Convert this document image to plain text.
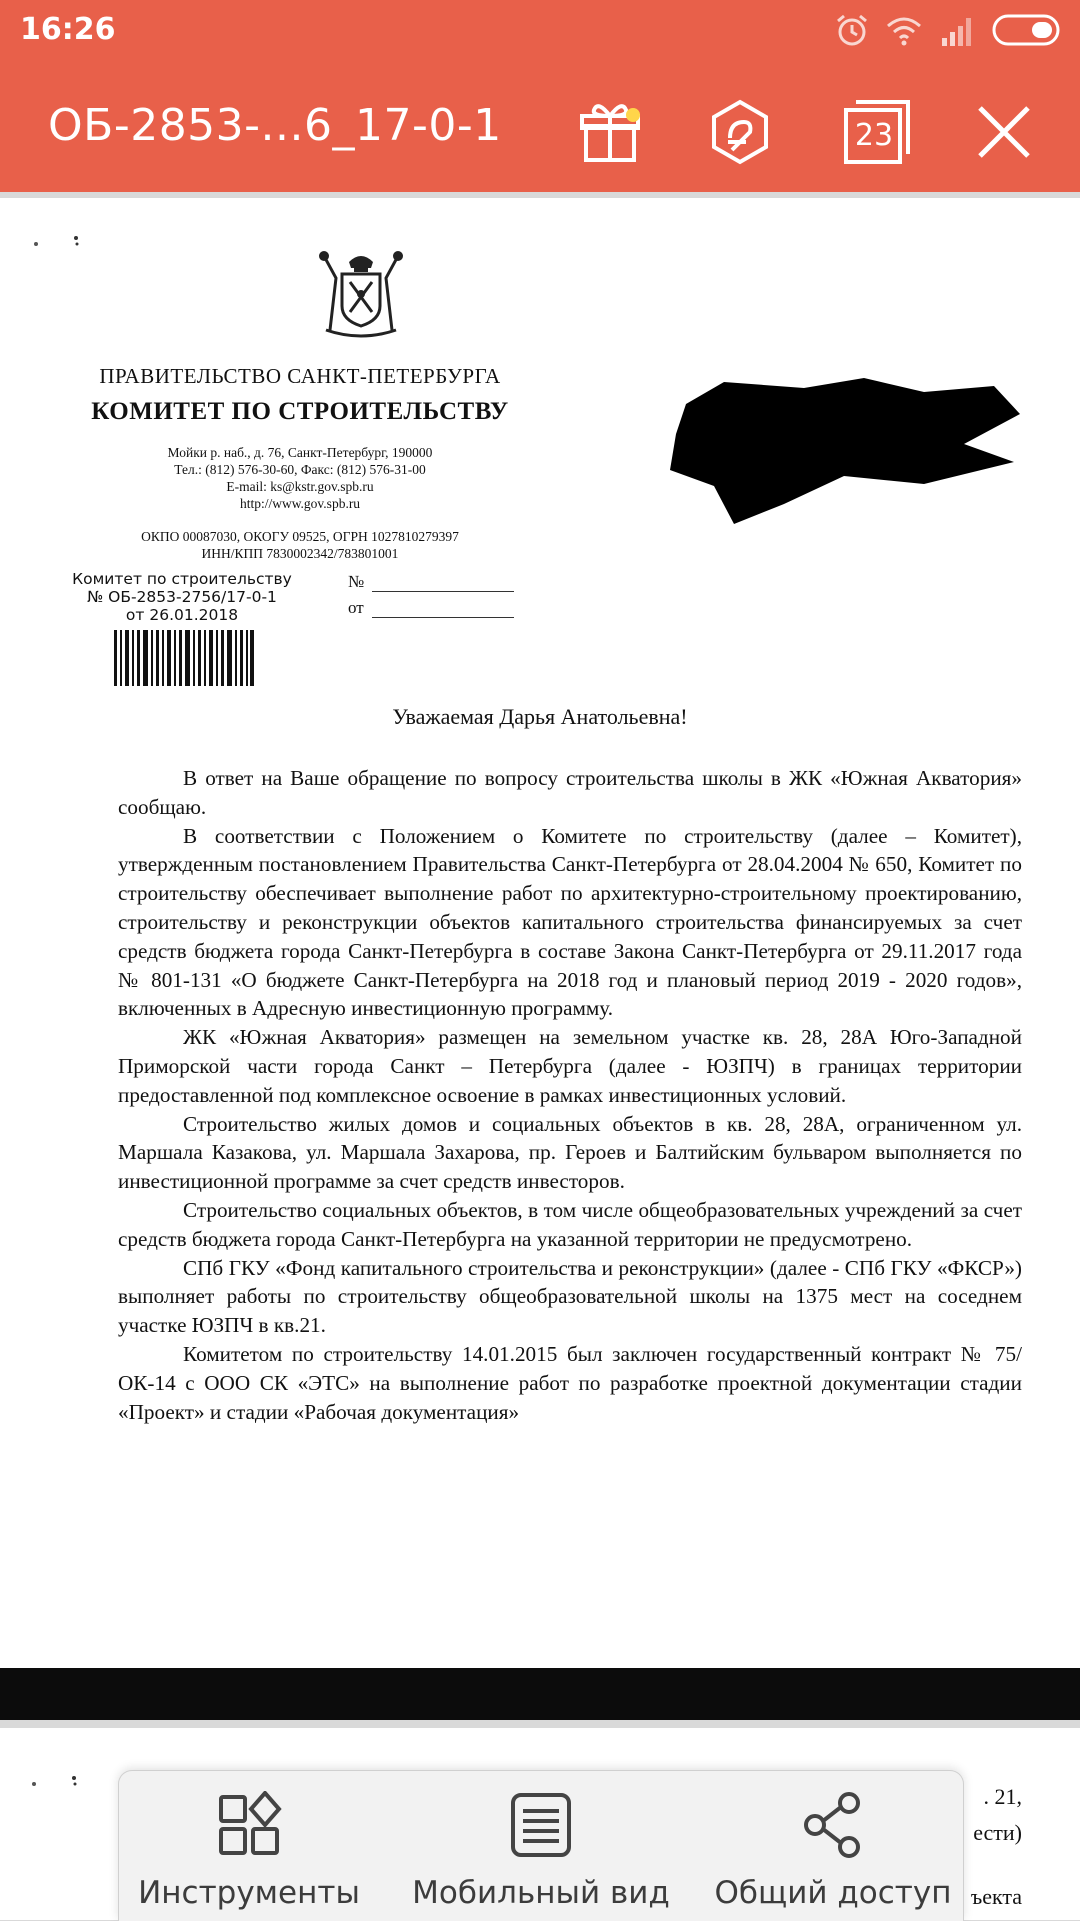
16:26
ОБ-2853-...6_17-0-1	23
ПРАВИТЕЛЬСТВО САНКТ-ПЕТЕРБУРГА
КОМИТЕТ ПО СТРОИТЕЛЬСТВУ
Мойки р. наб., д. 76, Санкт-Петербург, 190000
Тел.: (812) 576-30-60, Факс: (812) 576-31-00
E-mail: ks@kstr.gov.spb.ru
http://www.gov.spb.ru
ОКПО 00087030, ОКОГУ 09525, ОГРН 1027810279397
ИНН/КПП 7830002342/783801001
Комитет по строительству
№ ОБ-2853-2756/17-0-1
от 26.01.2018
№
от
Уважаемая Дарья Анатольевна!

В ответ на Ваше обращение по вопросу строительства школы в ЖК «Южная Акватория» сообщаю.

В соответствии с Положением о Комитете по строительству (далее – Комитет), утвержденным постановлением Правительства Санкт-Петербурга от 28.04.2004 № 650, Комитет по строительству обеспечивает выполнение работ по архитектурно-строительному проектированию, строительству и реконструкции объектов капитального строительства финансируемых за счет средств бюджета города Санкт-Петербурга в составе Закона Санкт-Петербурга от 29.11.2017 года № 801-131 «О бюджете Санкт-Петербурга на 2018 год и плановый период 2019 - 2020 годов», включенных в Адресную инвестиционную программу.

ЖК «Южная Акватория» размещен на земельном участке кв. 28, 28А Юго-Западной Приморской части города Санкт – Петербурга (далее - ЮЗПЧ) в границах территории предоставленной под комплексное освоение в рамках инвестиционных условий.

Строительство жилых домов и социальных объектов в кв. 28, 28А, ограниченном ул. Маршала Казакова, ул. Маршала Захарова, пр. Героев и Балтийским бульваром выполняется по инвестиционной программе за счет средств инвесторов.

Строительство социальных объектов, в том числе общеобразовательных учреждений за счет средств бюджета города Санкт-Петербурга на указанной территории не предусмотрено.

СПб ГКУ «Фонд капитального строительства и реконструкции» (далее - СПб ГКУ «ФКСР») выполняет работы по строительству общеобразовательной школы на 1375 мест на соседнем участке ЮЗПЧ в кв.21.

Комитетом по строительству 14.01.2015 был заключен государственный контракт № 75/ОК-14 с ООО СК «ЭТС» на выполнение работ по разработке проектной документации стадии «Проект» и стадии «Рабочая документация»

. 21,
ести)
ъекта
Инструменты	Мобильный вид	Общий доступ
